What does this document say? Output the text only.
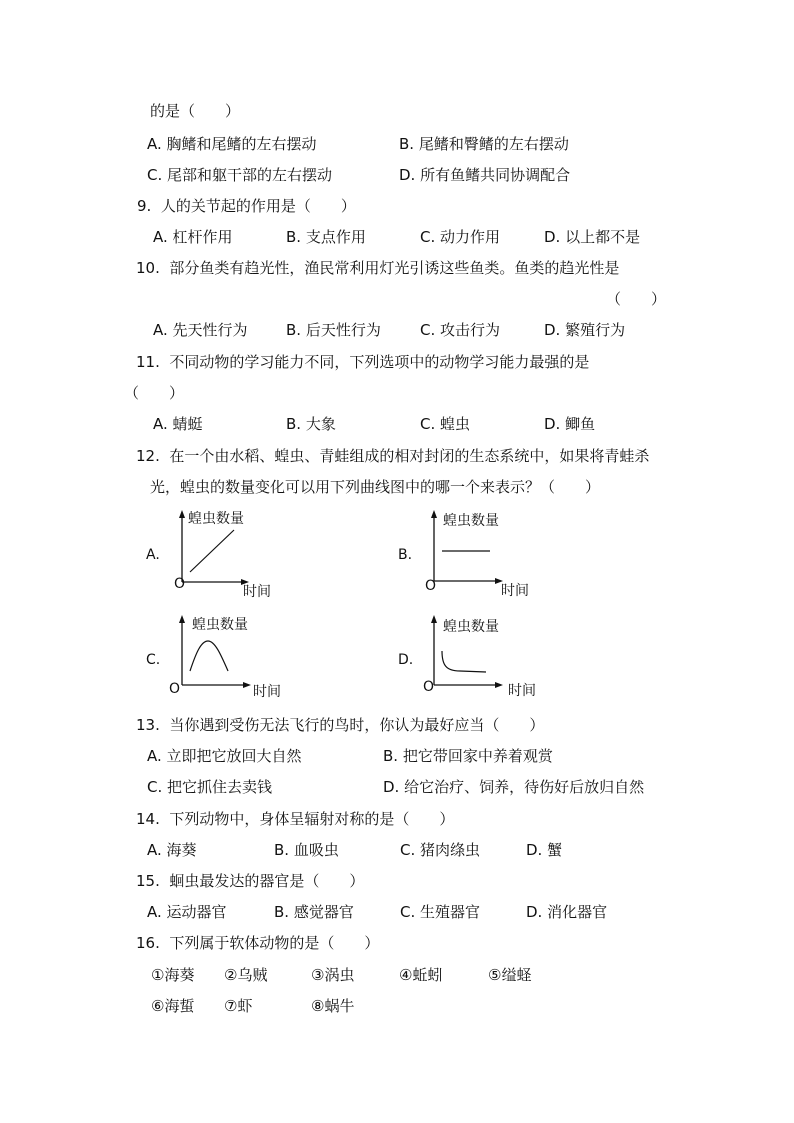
的是（　　）
A. 胸鳍和尾鳍的左右摆动	B. 尾鳍和臀鳍的左右摆动
C. 尾部和躯干部的左右摆动	D. 所有鱼鳍共同协调配合
9.  人的关节起的作用是（　　）
A. 杠杆作用	B. 支点作用	C. 动力作用	D. 以上都不是
10.  部分鱼类有趋光性，渔民常利用灯光引诱这些鱼类。鱼类的趋光性是
（　　）
A. 先天性行为	B. 后天性行为	C. 攻击行为	D. 繁殖行为
11.  不同动物的学习能力不同，下列选项中的动物学习能力最强的是
（　　）
A. 蜻蜓	B. 大象	C. 蝗虫	D. 鲫鱼
12.  在一个由水稻、蝗虫、青蛙组成的相对封闭的生态系统中，如果将青蛙杀
光，蝗虫的数量变化可以用下列曲线图中的哪一个来表示？（　　）
A.
蝗虫数量
时间
O
B.
蝗虫数量
时间
O
C.
蝗虫数量
时间
O
D.
蝗虫数量
时间
O
13.  当你遇到受伤无法飞行的鸟时，你认为最好应当（　　）
A. 立即把它放回大自然	B. 把它带回家中养着观赏
C. 把它抓住去卖钱	D. 给它治疗、饲养，待伤好后放归自然
14.  下列动物中，身体呈辐射对称的是（　　）
A. 海葵	B. 血吸虫	C. 猪肉绦虫	D. 蟹
15.  蛔虫最发达的器官是（　　）
A. 运动器官	B. 感觉器官	C. 生殖器官	D. 消化器官
16.  下列属于软体动物的是（　　）
①海葵 ②乌贼	③涡虫	④蚯蚓	⑤缢蛏
⑥海蜇 ⑦虾	⑧蜗牛
